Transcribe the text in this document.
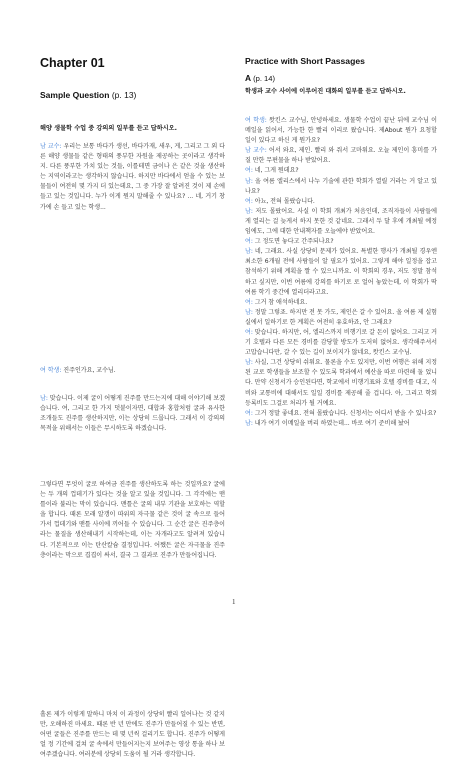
Chapter 01
Sample Question (p. 13)
해양 생물학 수업 중 강의의 일부를 듣고 답하시오.
남 교수: 우리는 보통 바다가 생선, 바다가재, 새우, 게, 그리고 그 외 다른 해양 생물들 같은 형태의 풍부한 자원을 제공하는 곳이라고 생각하지. 다른 풍부한 가치 있는 것들, 이를테면 금이나 은 같은 것을 생산하는 지역이라고는 생각하지 않습니다. 하지만 바다에서 얻을 수 있는 보물들이 여전히 몇 가지 더 있는데요, 그 중 가장 잘 알려진 것이 제 손에 들고 있는 것입니다. 누가 이게 뭔지 말해줄 수 있나요? ... 네, 거기 창가에 손 들고 있는 학생...
여 학생: 진주인가요, 교수님.
남: 맞습니다. 이제 굴이 어떻게 진주를 만드는지에 대해 이야기해 보겠습니다. 여, 그리고 한 가지 덧붙이자면, 대합과 홍합처럼 굴과 유사한 조개들도 진주를 생산하지만, 이는 상당히 드뭅니다. 그래서 이 강의의 목적을 위해서는 이들은 무시하도록 하겠습니다.
그렇다면 무엇이 굴로 하여금 진주를 생산하도록 하는 것일까요? 굴에는 두 개의 껍데기가 있다는 것을 알고 있을 것입니다. 그 각각에는 맨틀이라 불리는 막이 있습니다. 맨틀은 굴의 내부 기관을 보호하는 역할을 합니다. 때론 모래 알갱이 따위의 자극물 같은 것이 굴 속으로 들어가서 껍데기와 맨틀 사이에 끼어들 수 있습니다. 그 순간 굴은 진주층이라는 물질을 생산해내기 시작하는데, 이는 자개라고도 알려져 있습니다. 기본적으로 이는 탄산칼슘 결정입니다. 어쨌든 굴은 자극물을 진주층이라는 막으로 겹겹이 싸서, 결국 그 결과로 진주가 만들어집니다.
흘론 제가 이렇게 말하니 마치 이 과정이 상당히 빨리 일어나는 것 같지만, 오해하진 마세요. 때론 반 년 만에도 진주가 만들어질 수 있는 반면, 어떤 굴들은 진주를 만드는 데 몇 년씩 걸리기도 합니다. 진주가 어떻게 얼 정 기간에 걸쳐 굴 속에서 만들어지는지 보여주는 영상 통을 하나 보여주겠습니다. 여러분에 상당히 도움이 될 거라 생각합니다.
Practice with Short Passages
A (p. 14)
학생과 교수 사이에 이루어진 대화의 일부를 듣고 답하시오.
여 학생: 왓킨스 교수님, 안녕하세요. 생물학 수업이 끝난 뒤에 교수님 이메일을 읽어서, 가능한 한 빨리 이리로 왔습니다. 제About 뭔가 요청할 일이 있다고 하신 게 뭔가요?
남 교수: 어서 와요, 제인. 빨리 와 줘서 고마워요. 오늘 제인이 흥미를 가질 만한 무편물을 하나 받았어요.
여: 네, 그게 뭔데요?
남: 올 여름 엘리스에서 나누 기술에 관한 학회가 열릴 거라는 거 알고 있나요?
여: 아뇨, 전혀 몰랐습니다.
남: 저도 몰랐어요. 사실 이 학회 개최가 처음인데, 조직자들이 사람들에게 열리는 걸 늦게서 하지 못한 것 같네요. 그래서 두 달 후에 개최될 예정임에도, 그에 대한 안내책자를 오늘에야 받았어요.
여: 그 정도면 놓다고 간주되나요?
남: 네, 그래요. 사실 상당히 문제가 있어요. 특별한 행사가 개최될 경우엔 최소한 6개월 전에 사람들이 알 필요가 있어요. 그렇게 해야 일정을 잡고 참석하기 위해 계획을 짤 수 있으니까요. 이 학회의 경우, 저도 정말 참석하고 싶지만, 이번 여름에 강의를 하기로 로 얼어 놓았는데, 이 학회가 딱 여름 학기 중간에 열리더라고요.
여: 그거 참 애석하네요.
남: 정말 그렇죠. 하지만 전 못 가도, 제인은 갈 수 있어요. 올 여름 제 실험실에서 일하기로 한 계획은 여전히 유효하죠, 안 그래요?
여: 맞습니다. 하지만, 어, 엘리스까지 비행기로 갈 돈이 없어요. 그리고 거기 호텔과 다른 모든 경비를 감당할 방도가 도저히 없어요. 생각해주셔서 고맙습니다만, 갈 수 있는 길이 보이지가 않네요, 왓킨스 교수님.
남: 사실, 그건 상당히 쉬워요. 물론을 수도 있지만, 이번 여행은 위해 지정된 교로 학생들을 보조할 수 있도록 학과에서 예산을 따로 마련해 둘 었니다. 만약 신청서가 승인된다면, 학교에서 비행기표와 호텔 경비를 대고, 식비와 교통비에 대해서도 일일 경비를 제공해 줄 겁니다. 아, 그리고 학회 등록비도 그걸로 처리가 될 거예요.
여: 그거 정말 좋네요. 전혀 몰랐습니다. 신청서는 어디서 받을 수 있나요?
남: 내가 여기 이메일을 버리 하였는데... 바로 여기 준비해 놨어
1
